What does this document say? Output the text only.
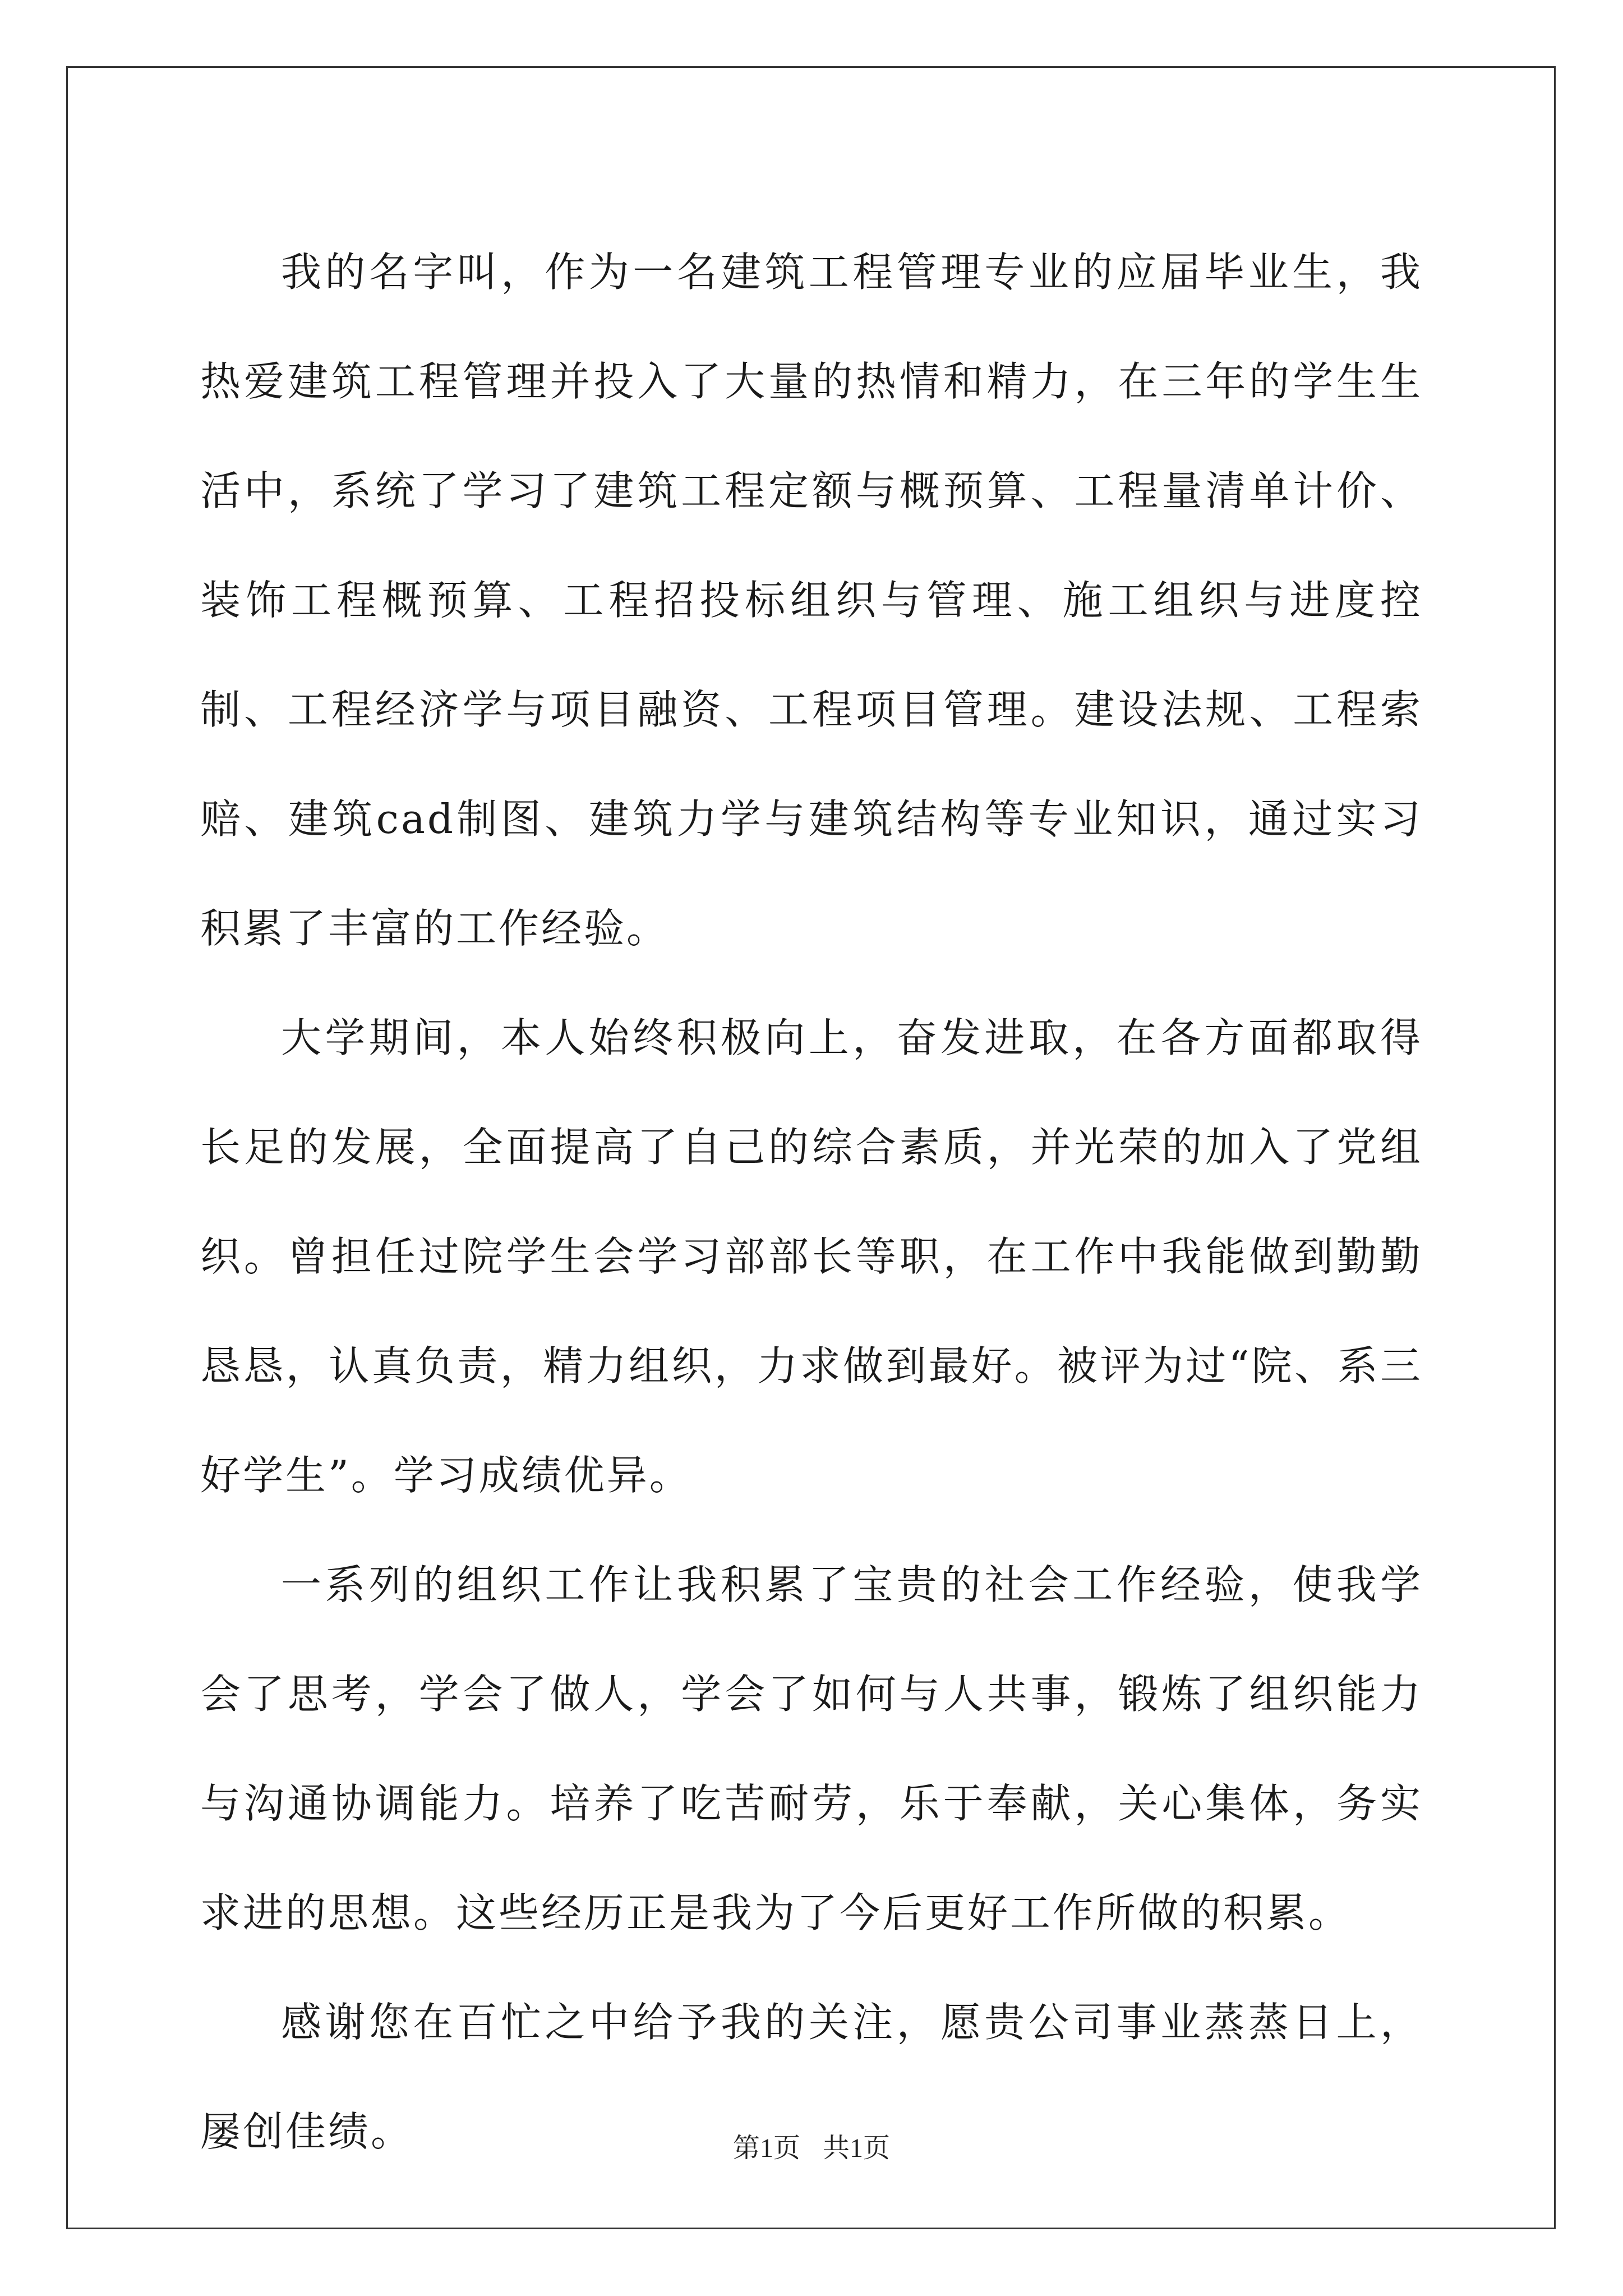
我的名字叫，作为一名建筑工程管理专业的应届毕业生，我热爱建筑工程管理并投入了大量的热情和精力，在三年的学生生活中，系统了学习了建筑工程定额与概预算、工程量清单计价、装饰工程概预算、工程招投标组织与管理、施工组织与进度控制、工程经济学与项目融资、工程项目管理。建设法规、工程索赔、建筑cad制图、建筑力学与建筑结构等专业知识，通过实习积累了丰富的工作经验。

大学期间，本人始终积极向上，奋发进取，在各方面都取得长足的发展，全面提高了自己的综合素质，并光荣的加入了党组织。曾担任过院学生会学习部部长等职，在工作中我能做到勤勤恳恳，认真负责，精力组织，力求做到最好。被评为过“院、系三好学生”。学习成绩优异。

一系列的组织工作让我积累了宝贵的社会工作经验，使我学会了思考，学会了做人，学会了如何与人共事，锻炼了组织能力与沟通协调能力。培养了吃苦耐劳，乐于奉献，关心集体，务实求进的思想。这些经历正是我为了今后更好工作所做的积累。

感谢您在百忙之中给予我的关注，愿贵公司事业蒸蒸日上，屡创佳绩。	第1页 共1页
